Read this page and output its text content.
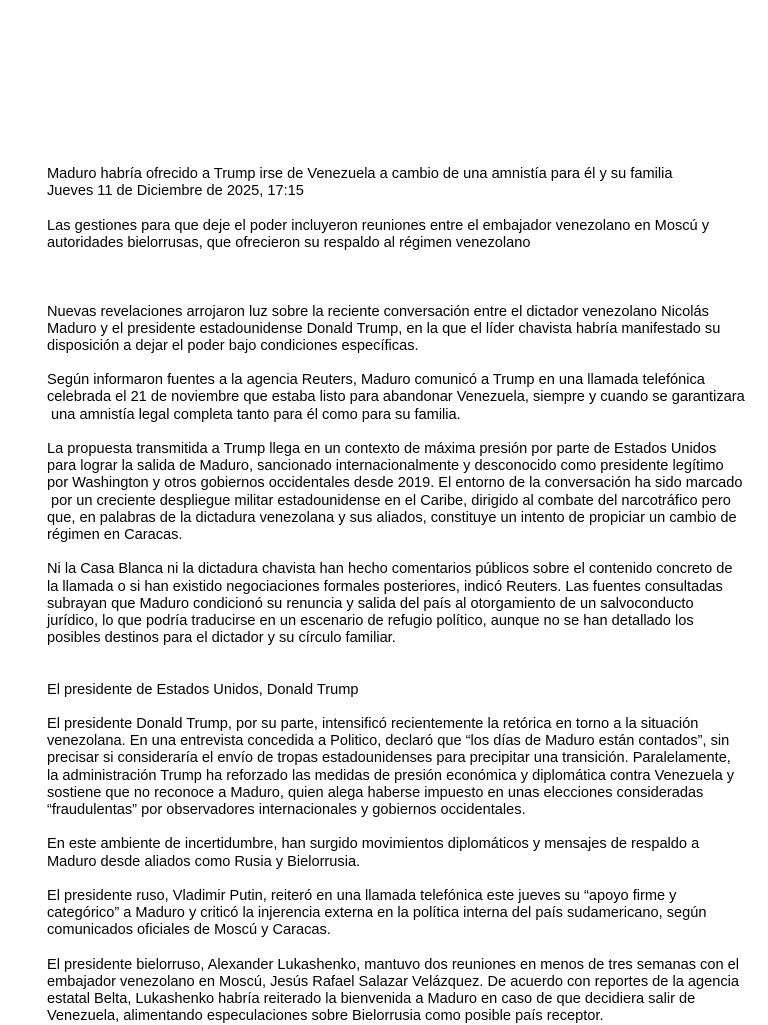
Maduro habría ofrecido a Trump irse de Venezuela a cambio de una amnistía para él y su familia
Jueves 11 de Diciembre de 2025, 17:15
Las gestiones para que deje el poder incluyeron reuniones entre el embajador venezolano en Moscú y
autoridades bielorrusas, que ofrecieron su respaldo al régimen venezolano
Nuevas revelaciones arrojaron luz sobre la reciente conversación entre el dictador venezolano Nicolás
Maduro y el presidente estadounidense Donald Trump, en la que el líder chavista habría manifestado su
disposición a dejar el poder bajo condiciones específicas.
Según informaron fuentes a la agencia Reuters, Maduro comunicó a Trump en una llamada telefónica
celebrada el 21 de noviembre que estaba listo para abandonar Venezuela, siempre y cuando se garantizara
una amnistía legal completa tanto para él como para su familia.
La propuesta transmitida a Trump llega en un contexto de máxima presión por parte de Estados Unidos
para lograr la salida de Maduro, sancionado internacionalmente y desconocido como presidente legítimo
por Washington y otros gobiernos occidentales desde 2019. El entorno de la conversación ha sido marcado
por un creciente despliegue militar estadounidense en el Caribe, dirigido al combate del narcotráfico pero
que, en palabras de la dictadura venezolana y sus aliados, constituye un intento de propiciar un cambio de
régimen en Caracas.
Ni la Casa Blanca ni la dictadura chavista han hecho comentarios públicos sobre el contenido concreto de
la llamada o si han existido negociaciones formales posteriores, indicó Reuters. Las fuentes consultadas
subrayan que Maduro condicionó su renuncia y salida del país al otorgamiento de un salvoconducto
jurídico, lo que podría traducirse en un escenario de refugio político, aunque no se han detallado los
posibles destinos para el dictador y su círculo familiar.
El presidente de Estados Unidos, Donald Trump
El presidente Donald Trump, por su parte, intensificó recientemente la retórica en torno a la situación
venezolana. En una entrevista concedida a Politico, declaró que “los días de Maduro están contados”, sin
precisar si consideraría el envío de tropas estadounidenses para precipitar una transición. Paralelamente,
la administración Trump ha reforzado las medidas de presión económica y diplomática contra Venezuela y
sostiene que no reconoce a Maduro, quien alega haberse impuesto en unas elecciones consideradas
“fraudulentas” por observadores internacionales y gobiernos occidentales.
En este ambiente de incertidumbre, han surgido movimientos diplomáticos y mensajes de respaldo a
Maduro desde aliados como Rusia y Bielorrusia.
El presidente ruso, Vladimir Putin, reiteró en una llamada telefónica este jueves su “apoyo firme y
categórico” a Maduro y criticó la injerencia externa en la política interna del país sudamericano, según
comunicados oficiales de Moscú y Caracas.
El presidente bielorruso, Alexander Lukashenko, mantuvo dos reuniones en menos de tres semanas con el
embajador venezolano en Moscú, Jesús Rafael Salazar Velázquez. De acuerdo con reportes de la agencia
estatal Belta, Lukashenko habría reiterado la bienvenida a Maduro en caso de que decidiera salir de
Venezuela, alimentando especulaciones sobre Bielorrusia como posible país receptor.
